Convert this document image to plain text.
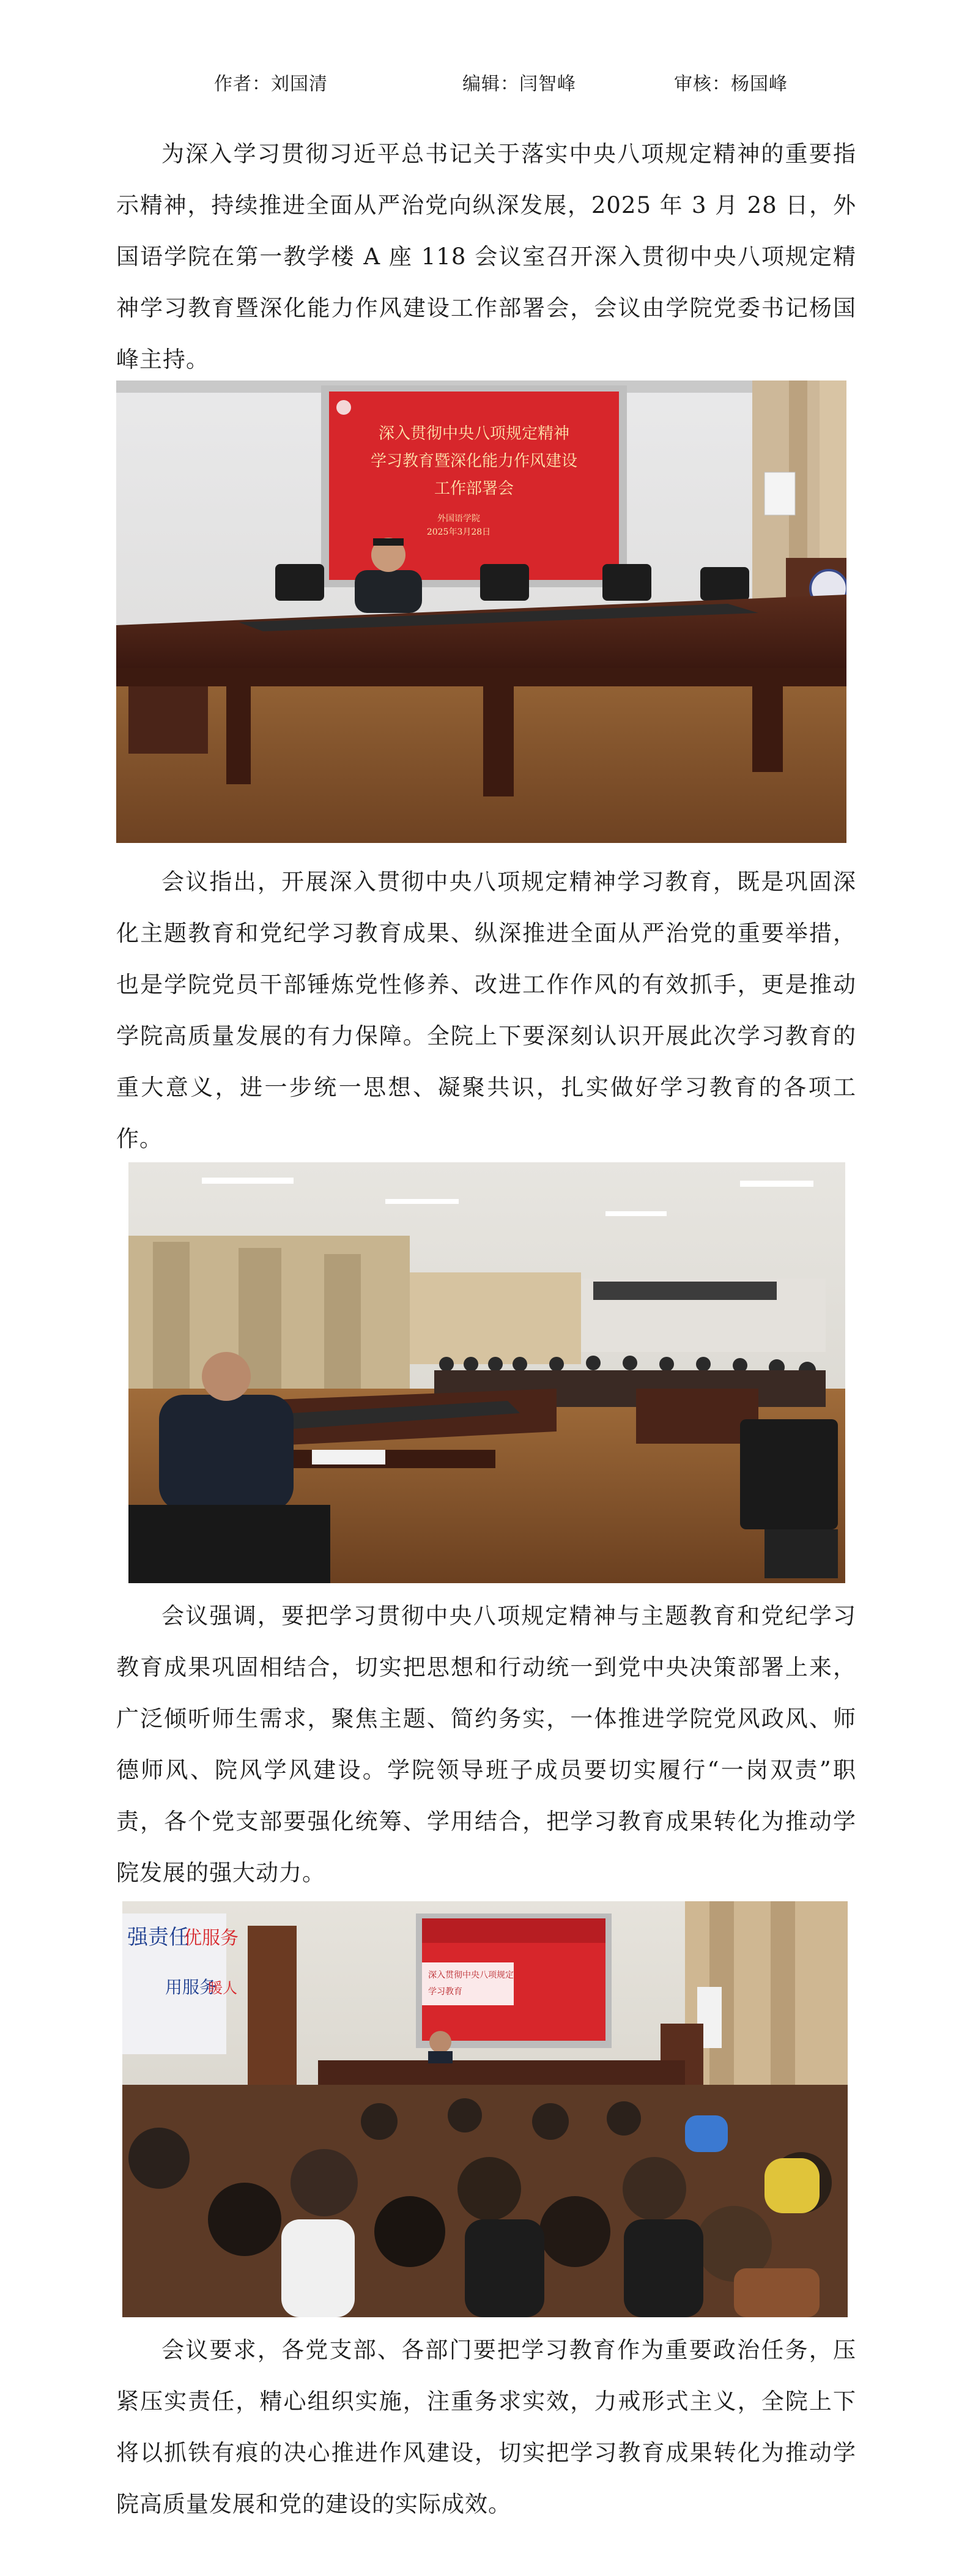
作者：刘国清	编辑：闫智峰	审核：杨国峰

为深入学习贯彻习近平总书记关于落实中央八项规定精神的重要指示精神，持续推进全面从严治党向纵深发展，2025 年 3 月 28 日，外国语学院在第一教学楼 A 座 118 会议室召开深入贯彻中央八项规定精神学习教育暨深化能力作风建设工作部署会，会议由学院党委书记杨国峰主持。

深入贯彻中央八项规定精神
学习教育暨深化能力作风建设
工作部署会
外国语学院
2025年3月28日

会议指出，开展深入贯彻中央八项规定精神学习教育，既是巩固深化主题教育和党纪学习教育成果、纵深推进全面从严治党的重要举措，也是学院党员干部锤炼党性修养、改进工作作风的有效抓手，更是推动学院高质量发展的有力保障。全院上下要深刻认识开展此次学习教育的重大意义，进一步统一思想、凝聚共识，扎实做好学习教育的各项工作。

会议强调，要把学习贯彻中央八项规定精神与主题教育和党纪学习教育成果巩固相结合，切实把思想和行动统一到党中央决策部署上来，广泛倾听师生需求，聚焦主题、简约务实，一体推进学院党风政风、师德师风、院风学风建设。学院领导班子成员要切实履行“一岗双责”职责，各个党支部要强化统筹、学用结合，把学习教育成果转化为推动学院发展的强大动力。

强责任
优服务
用服务
暖人
深入贯彻中央八项规定
学习教育

会议要求，各党支部、各部门要把学习教育作为重要政治任务，压紧压实责任，精心组织实施，注重务求实效，力戒形式主义，全院上下将以抓铁有痕的决心推进作风建设，切实把学习教育成果转化为推动学院高质量发展和党的建设的实际成效。
